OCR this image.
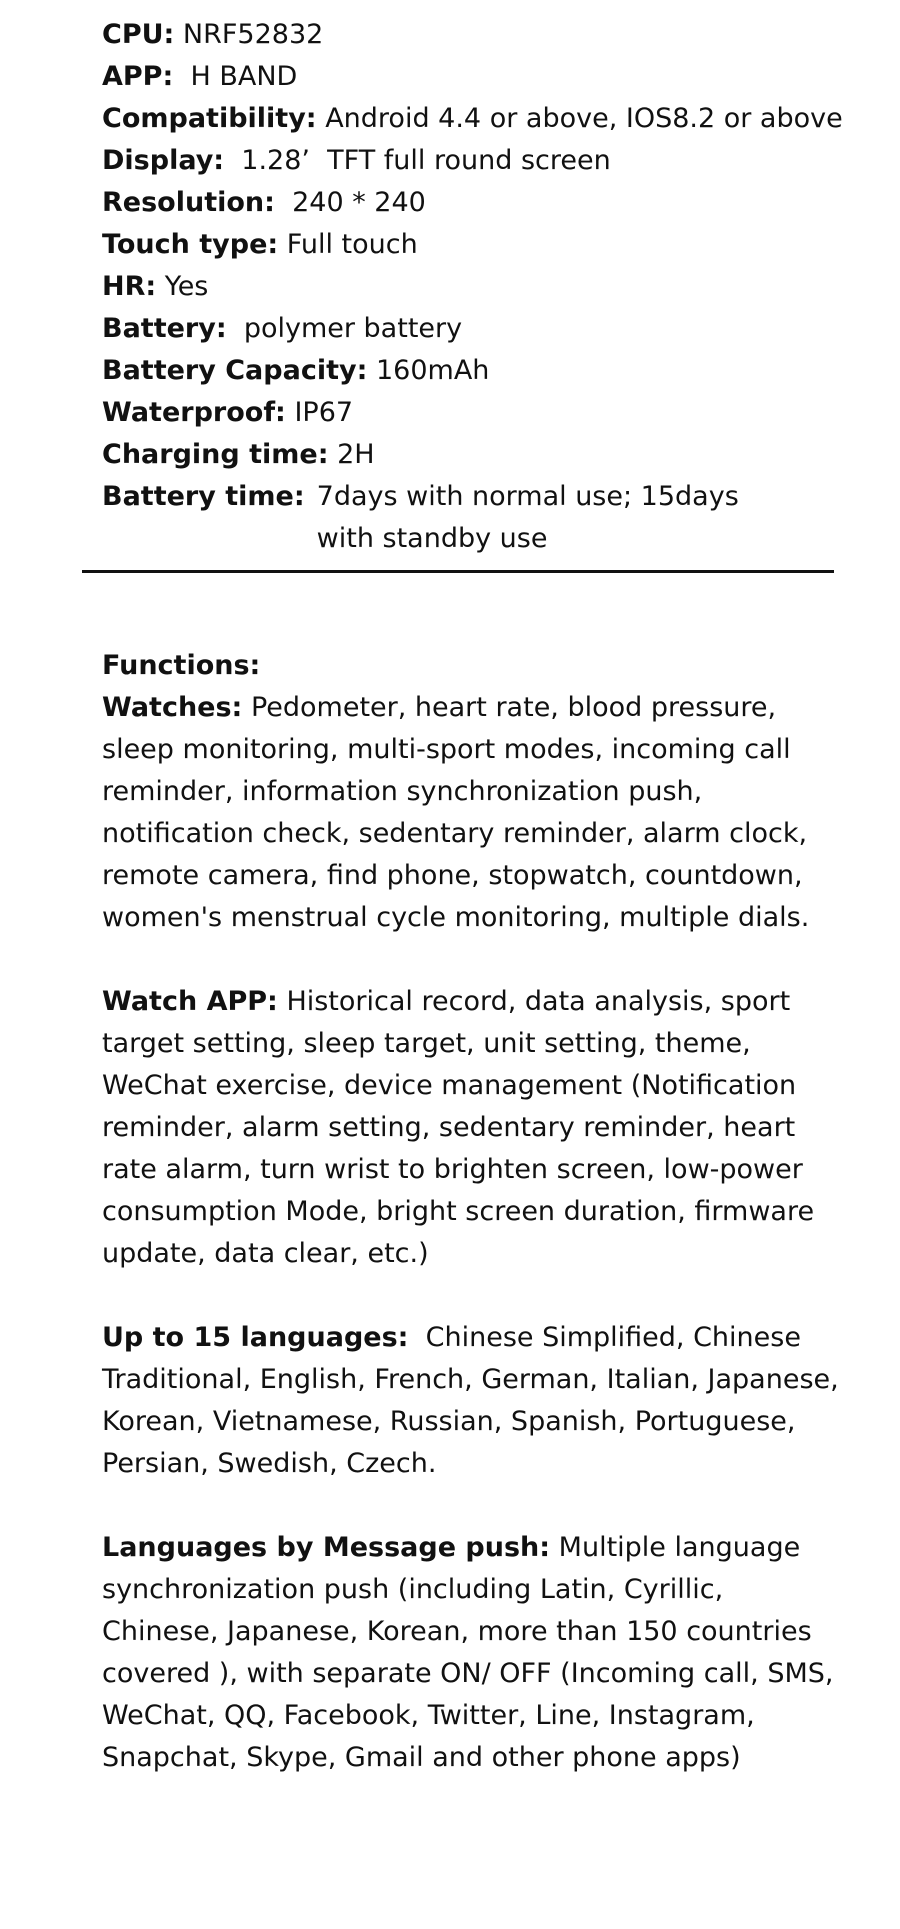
CPU: NRF52832
APP: H BAND
Compatibility: Android 4.4 or above, IOS8.2 or above
Display: 1.28’  TFT full round screen
Resolution: 240 * 240
Touch type: Full touch
HR: Yes
Battery: polymer battery
Battery Capacity: 160mAh
Waterproof: IP67
Charging time: 2H
Battery time: 7days with normal use; 15days with standby use

Functions:

Watches: Pedometer, heart rate, blood pressure, sleep monitoring, multi-sport modes, incoming call reminder, information synchronization push, notification check, sedentary reminder, alarm clock, remote camera, find phone, stopwatch, countdown, women's menstrual cycle monitoring, multiple dials.

Watch APP: Historical record, data analysis, sport target setting, sleep target, unit setting, theme, WeChat exercise, device management (Notification reminder, alarm setting, sedentary reminder, heart rate alarm, turn wrist to brighten screen, low-power consumption Mode, bright screen duration, firmware update, data clear, etc.)

Up to 15 languages: Chinese Simplified, Chinese Traditional, English, French, German, Italian, Japanese,  Korean, Vietnamese, Russian, Spanish, Portuguese, Persian, Swedish, Czech.

Languages by Message push: Multiple language synchronization push (including Latin, Cyrillic, Chinese, Japanese, Korean, more than 150 countries covered ), with separate ON/ OFF (Incoming call, SMS, WeChat, QQ, Facebook, Twitter, Line, Instagram, Snapchat, Skype, Gmail and other phone apps)
